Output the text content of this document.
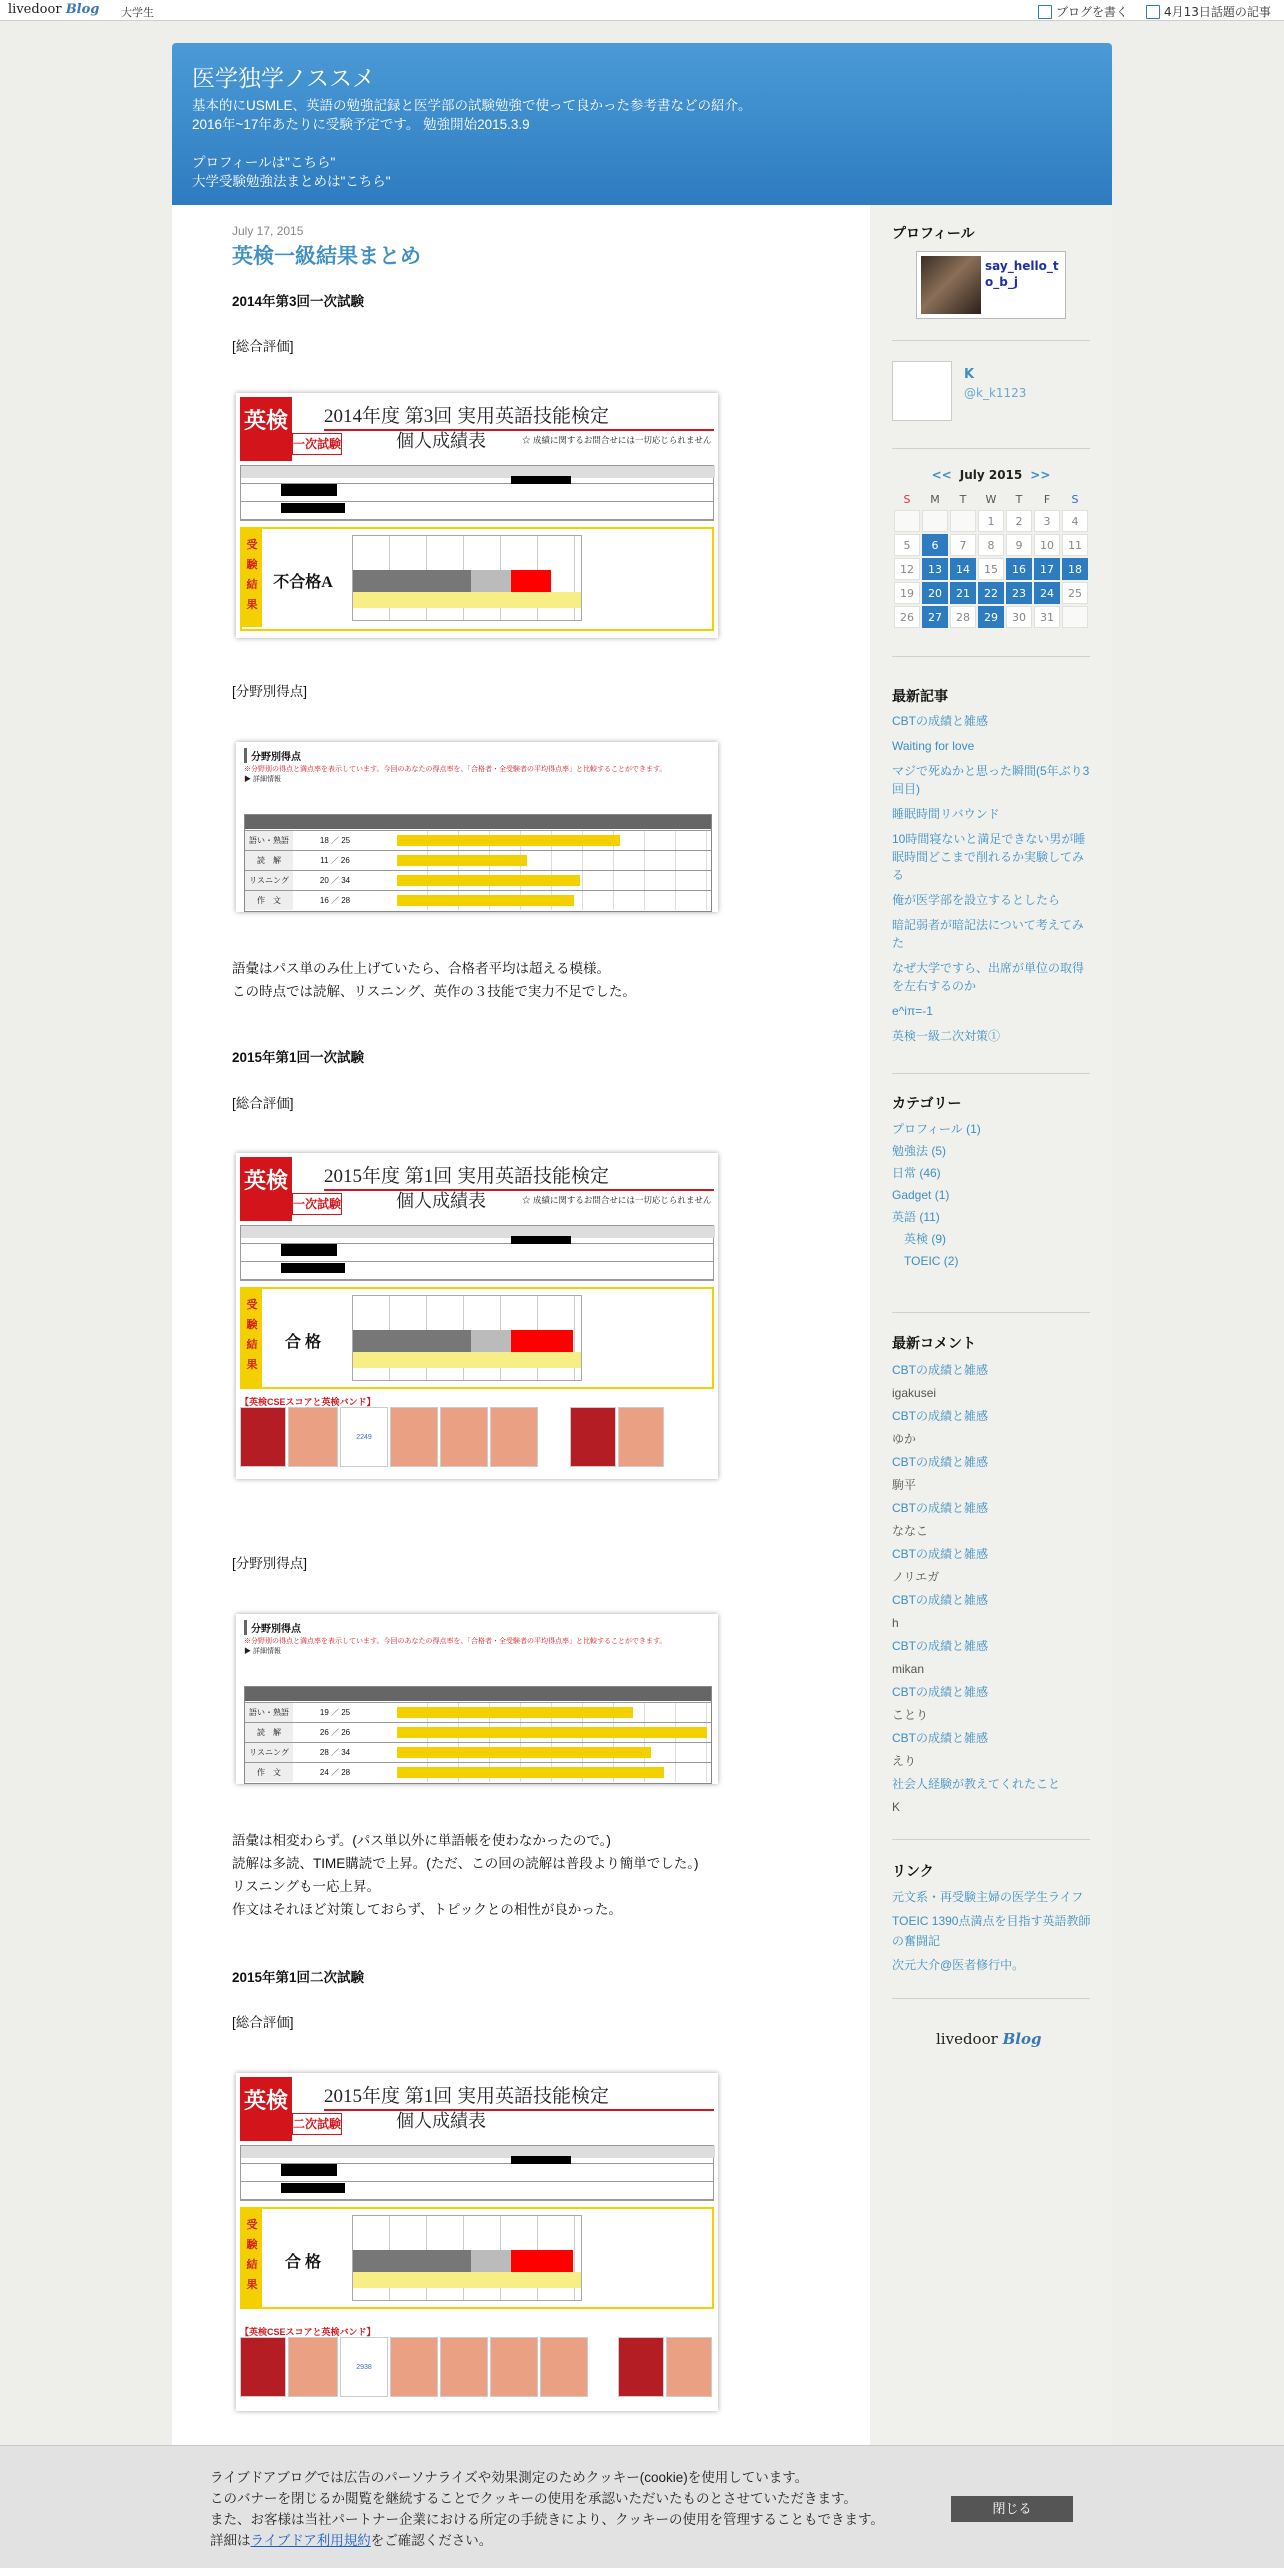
livedoor Blog 大学生	ブログを書く	4月13日話題の記事
医学独学ノススメ
基本的にUSMLE、英語の勉強記録と医学部の試験勉強で使って良かった参考書などの紹介。
2016年~17年あたりに受験予定です。 勉強開始2015.3.9
プロフィールは"こちら"
大学受験勉強法まとめは"こちら"
July 17, 2015
英検一級結果まとめ
2014年第3回一次試験
[総合評価]
[分野別得点]
語彙はパス単のみ仕上げていたら、合格者平均は超える模様。
この時点では読解、リスニング、英作の３技能で実力不足でした。
2015年第1回一次試験
[総合評価]
[分野別得点]
語彙は相変わらず。(パス単以外に単語帳を使わなかったので。)
読解は多読、TIME購読で上昇。(ただ、この回の読解は普段より簡単でした。)
リスニングも一応上昇。
作文はそれほど対策しておらず、トピックとの相性が良かった。
2015年第1回二次試験
[総合評価]
英検 2014年度 第3回 実用英語技能検定
一次試験	個人成績表	☆ 成績に関するお問合せには一切応じられません
受験結果
不合格A
分野別得点
※分野別の得点と満点率を表示しています。今回のあなたの得点率を、「合格者・全受験者の平均得点率」と比較することができます。
▶ 詳細情報
語い・熟語	18 ／ 25
読　解	11 ／ 26
リスニング	20 ／ 34
作　文	16 ／ 28
英検 2015年度 第1回 実用英語技能検定
一次試験	個人成績表	☆ 成績に関するお問合せには一切応じられません
受験結果
合 格
【英検CSEスコアと英検バンド】
2249
分野別得点
※分野別の得点と満点率を表示しています。今回のあなたの得点率を、「合格者・全受験者の平均得点率」と比較することができます。
▶ 詳細情報
語い・熟語	19 ／ 25
読　解	26 ／ 26
リスニング	28 ／ 34
作　文	24 ／ 28
英検 2015年度 第1回 実用英語技能検定
二次試験	個人成績表
受験結果
合 格
【英検CSEスコアと英検バンド】
2938
プロフィール
say_hello_to_b_j
K
@k_k1123
<< July 2015 >>
S	M	T	W	T	F	S
			1	2	3	4
5	6	7	8	9	10	11
12	13	14	15	16	17	18
19	20	21	22	23	24	25
26	27	28	29	30	31	
最新記事
CBTの成績と雑感
Waiting for love
マジで死ぬかと思った瞬間(5年ぶり3回目)
睡眠時間リバウンド
10時間寝ないと満足できない男が睡眠時間どこまで削れるか実験してみる
俺が医学部を設立するとしたら
暗記弱者が暗記法について考えてみた
なぜ大学ですら、出席が単位の取得を左右するのか
e^iπ=-1
英検一級二次対策①
カテゴリー
プロフィール (1)
勉強法 (5)
日常 (46)
Gadget (1)
英語 (11)
英検 (9)
TOEIC (2)
最新コメント
CBTの成績と雑感
igakusei
CBTの成績と雑感
ゆか
CBTの成績と雑感
駒平
CBTの成績と雑感
ななこ
CBTの成績と雑感
ノリエガ
CBTの成績と雑感
h
CBTの成績と雑感
mikan
CBTの成績と雑感
ことり
CBTの成績と雑感
えり
社会人経験が教えてくれたこと
K
リンク
元文系・再受験主婦の医学生ライフ
TOEIC 1390点満点を目指す英語教師の奮闘記
次元大介@医者修行中。
livedoor Blog
ライブドアブログでは広告のパーソナライズや効果測定のためクッキー(cookie)を使用しています。
このバナーを閉じるか閲覧を継続することでクッキーの使用を承認いただいたものとさせていただきます。
また、お客様は当社パートナー企業における所定の手続きにより、クッキーの使用を管理することもできます。
詳細はライブドア利用規約をご確認ください。
閉じる
